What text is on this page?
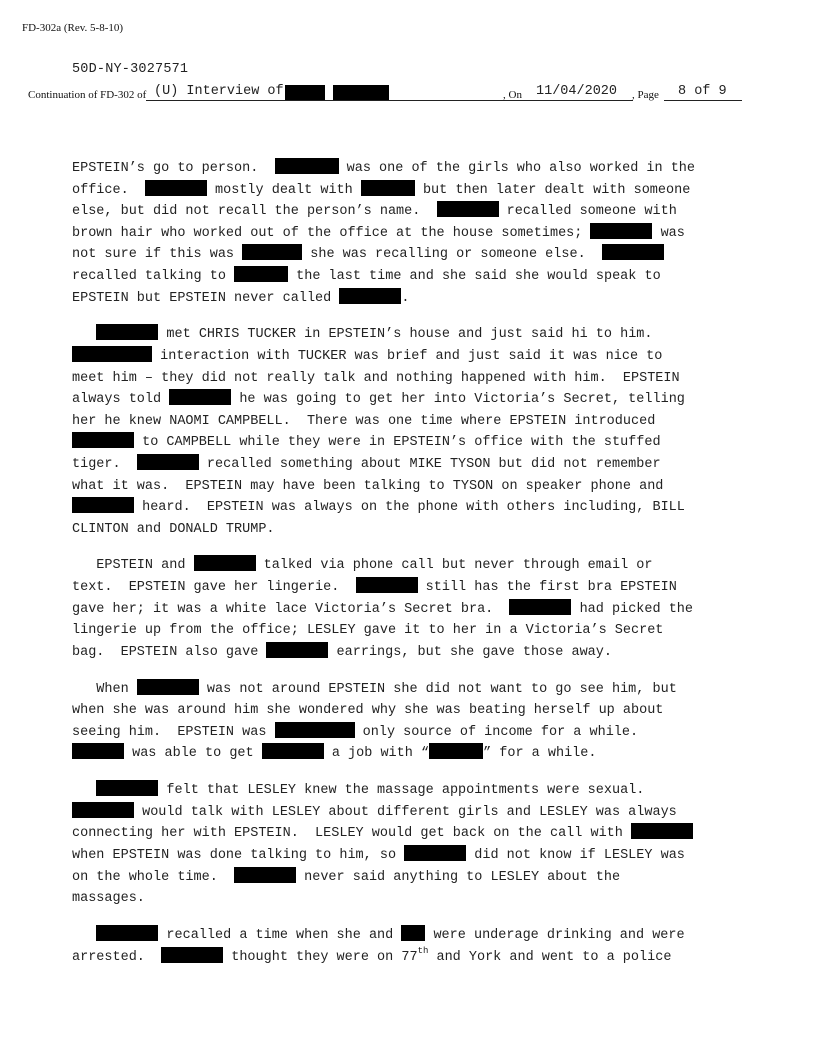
FD-302a (Rev. 5-8-10)
50D-NY-3027571
Continuation of FD-302 of (U) Interview of	, On 11/04/2020 , Page 8 of 9
EPSTEIN’s go to person.	was one of the girls who also worked in the
office.	mostly dealt with	but then later dealt with someone
else, but did not recall the person’s name.	recalled someone with
brown hair who worked out of the office at the house sometimes;	was
not sure if this was	she was recalling or someone else.
recalled talking to	the last time and she said she would speak to
EPSTEIN but EPSTEIN never called	.
met CHRIS TUCKER in EPSTEIN’s house and just said hi to him.
interaction with TUCKER was brief and just said it was nice to
meet him – they did not really talk and nothing happened with him.  EPSTEIN
always told	he was going to get her into Victoria’s Secret, telling
her he knew NAOMI CAMPBELL.  There was one time where EPSTEIN introduced
to CAMPBELL while they were in EPSTEIN’s office with the stuffed
tiger.	recalled something about MIKE TYSON but did not remember
what it was.  EPSTEIN may have been talking to TYSON on speaker phone and
heard.  EPSTEIN was always on the phone with others including, BILL
CLINTON and DONALD TRUMP.
EPSTEIN and	talked via phone call but never through email or
text.  EPSTEIN gave her lingerie.	still has the first bra EPSTEIN
gave her; it was a white lace Victoria’s Secret bra.	had picked the
lingerie up from the office; LESLEY gave it to her in a Victoria’s Secret
bag.  EPSTEIN also gave	earrings, but she gave those away.
When	was not around EPSTEIN she did not want to go see him, but
when she was around him she wondered why she was beating herself up about
seeing him.  EPSTEIN was	only source of income for a while.
was able to get	a job with “	” for a while.
felt that LESLEY knew the massage appointments were sexual.
would talk with LESLEY about different girls and LESLEY was always
connecting her with EPSTEIN.  LESLEY would get back on the call with
when EPSTEIN was done talking to him, so	did not know if LESLEY was
on the whole time.	never said anything to LESLEY about the
massages.
recalled a time when she and  were underage drinking and were
arrested.	thought they were on 77th and York and went to a police
